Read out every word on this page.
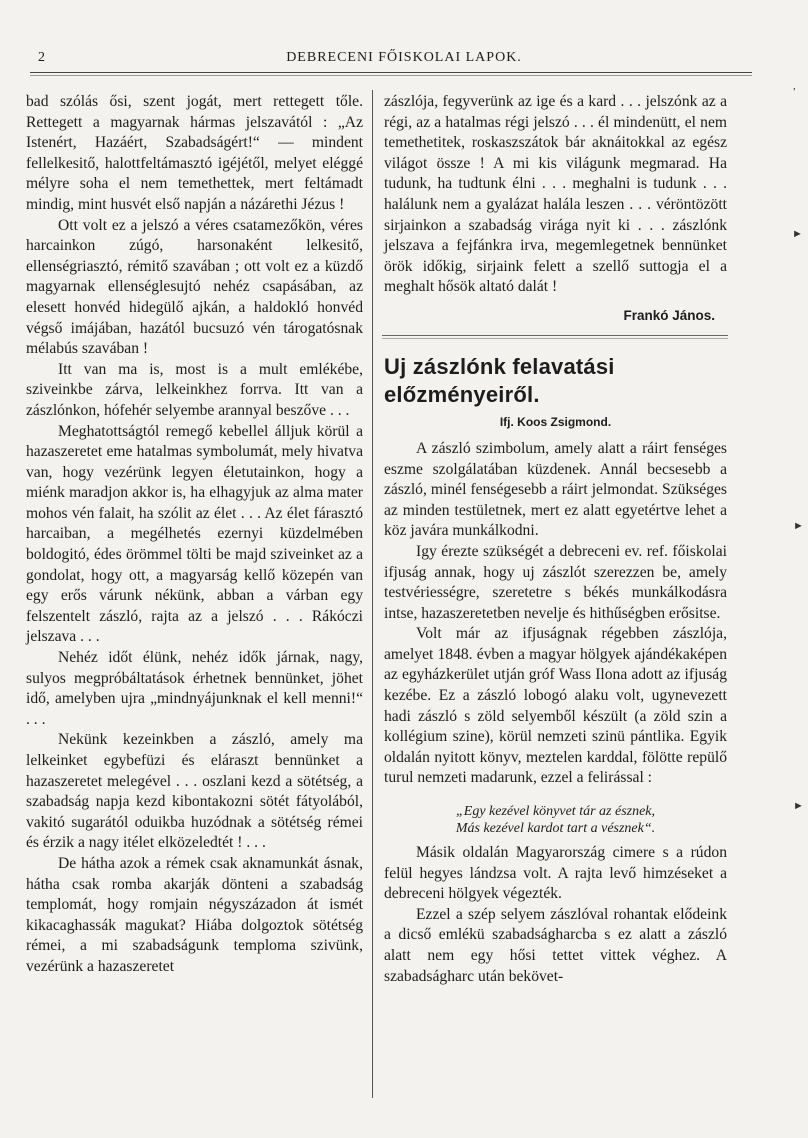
2	DEBRECENI FŐISKOLAI LAPOK.

bad szólás ősi, szent jogát, mert rettegett tőle. Rettegett a magyarnak hármas jelszavától : „Az Istenért, Hazáért, Szabadságért!“ — mindent fellelkesitő, halottfeltámasztó igéjétől, melyet eléggé mélyre soha el nem temethettek, mert feltámadt mindig, mint husvét első napján a názárethi Jézus !

Ott volt ez a jelszó a véres csatamezőkön, véres harcainkon zúgó, harsonaként lelkesitő, ellenségriasztó, rémitő szavában ; ott volt ez a küzdő magyarnak ellenséglesujtó nehéz csapásában, az elesett honvéd hidegülő ajkán, a haldokló honvéd végső imájában, hazától bucsuzó vén tárogatósnak mélabús szavában !

Itt van ma is, most is a mult emlékébe, sziveinkbe zárva, lelkeinkhez forrva. Itt van a zászlónkon, hófehér selyembe arannyal beszőve . . .

Meghatottságtól remegő kebellel álljuk körül a hazaszeretet eme hatalmas symbolumát, mely hivatva van, hogy vezérünk legyen életutainkon, hogy a miénk maradjon akkor is, ha elhagyjuk az alma mater mohos vén falait, ha szólit az élet . . . Az élet fárasztó harcaiban, a megélhetés ezernyi küzdelmében boldogitó, édes örömmel tölti be majd sziveinket az a gondolat, hogy ott, a magyarság kellő közepén van egy erős várunk nékünk, abban a várban egy felszentelt zászló, rajta az a jelszó . . . Rákóczi jelszava . . .

Nehéz időt élünk, nehéz idők járnak, nagy, sulyos megpróbáltatások érhetnek bennünket, jöhet idő, amelyben ujra „mindnyájunknak el kell menni!“ . . .

Nekünk kezeinkben a zászló, amely ma lelkeinket egybefüzi és eláraszt bennünket a hazaszeretet melegével . . . oszlani kezd a sötétség, a szabadság napja kezd kibontakozni sötét fátyolából, vakitó sugarától oduikba huzódnak a sötétség rémei és érzik a nagy itélet elközeledtét ! . . .

De hátha azok a rémek csak aknamunkát ásnak, hátha csak romba akarják dönteni a szabadság templomát, hogy romjain négyszázadon át ismét kikacaghassák magukat? Hiába dolgoztok sötétség rémei, a mi szabadságunk temploma szivünk, vezérünk a hazaszeretet

zászlója, fegyverünk az ige és a kard . . . jelszónk az a régi, az a hatalmas régi jelszó . . . él mindenütt, el nem temethetitek, roskaszszátok bár aknáitokkal az egész világot össze ! A mi kis világunk megmarad. Ha tudunk, ha tudtunk élni . . . meghalni is tudunk . . . halálunk nem a gyalázat halála leszen . . . véröntözött sirjainkon a szabadság virága nyit ki . . . zászlónk jelszava a fejfánkra irva, megemlegetnek bennünket örök időkig, sirjaink felett a szellő suttogja el a meghalt hősök altató dalát !

Frankó János.
Uj zászlónk felavatási előzményeiről.
Ifj. Koos Zsigmond.

A zászló szimbolum, amely alatt a ráirt fenséges eszme szolgálatában küzdenek. Annál becsesebb a zászló, minél fenségesebb a ráirt jelmondat. Szükséges az minden testületnek, mert ez alatt egyetértve lehet a köz javára munkálkodni.

Igy érezte szükségét a debreceni ev. ref. főiskolai ifjuság annak, hogy uj zászlót szerezzen be, amely testvériességre, szeretetre s békés munkálkodásra intse, hazaszeretetben nevelje és hithűségben erősitse.

Volt már az ifjuságnak régebben zászlója, amelyet 1848. évben a magyar hölgyek ajándékaképen az egyházkerület utján gróf Wass Ilona adott az ifjuság kezébe. Ez a zászló lobogó alaku volt, ugynevezett hadi zászló s zöld selyemből készült (a zöld szin a kollégium szine), körül nemzeti szinü pántlika. Egyik oldalán nyitott könyv, meztelen karddal, fölötte repülő turul nemzeti madarunk, ezzel a felirással :

„Egy kezével könyvet tár az észnek,
Más kezével kardot tart a vésznek“.

Másik oldalán Magyarország cimere s a rúdon felül hegyes lándzsa volt. A rajta levő himzéseket a debreceni hölgyek végezték.

Ezzel a szép selyem zászlóval rohantak elődeink a dicső emlékü szabadságharcba s ez alatt a zászló alatt nem egy hősi tettet vittek véghez. A szabadságharc után bekövet-

,
►
►
►
